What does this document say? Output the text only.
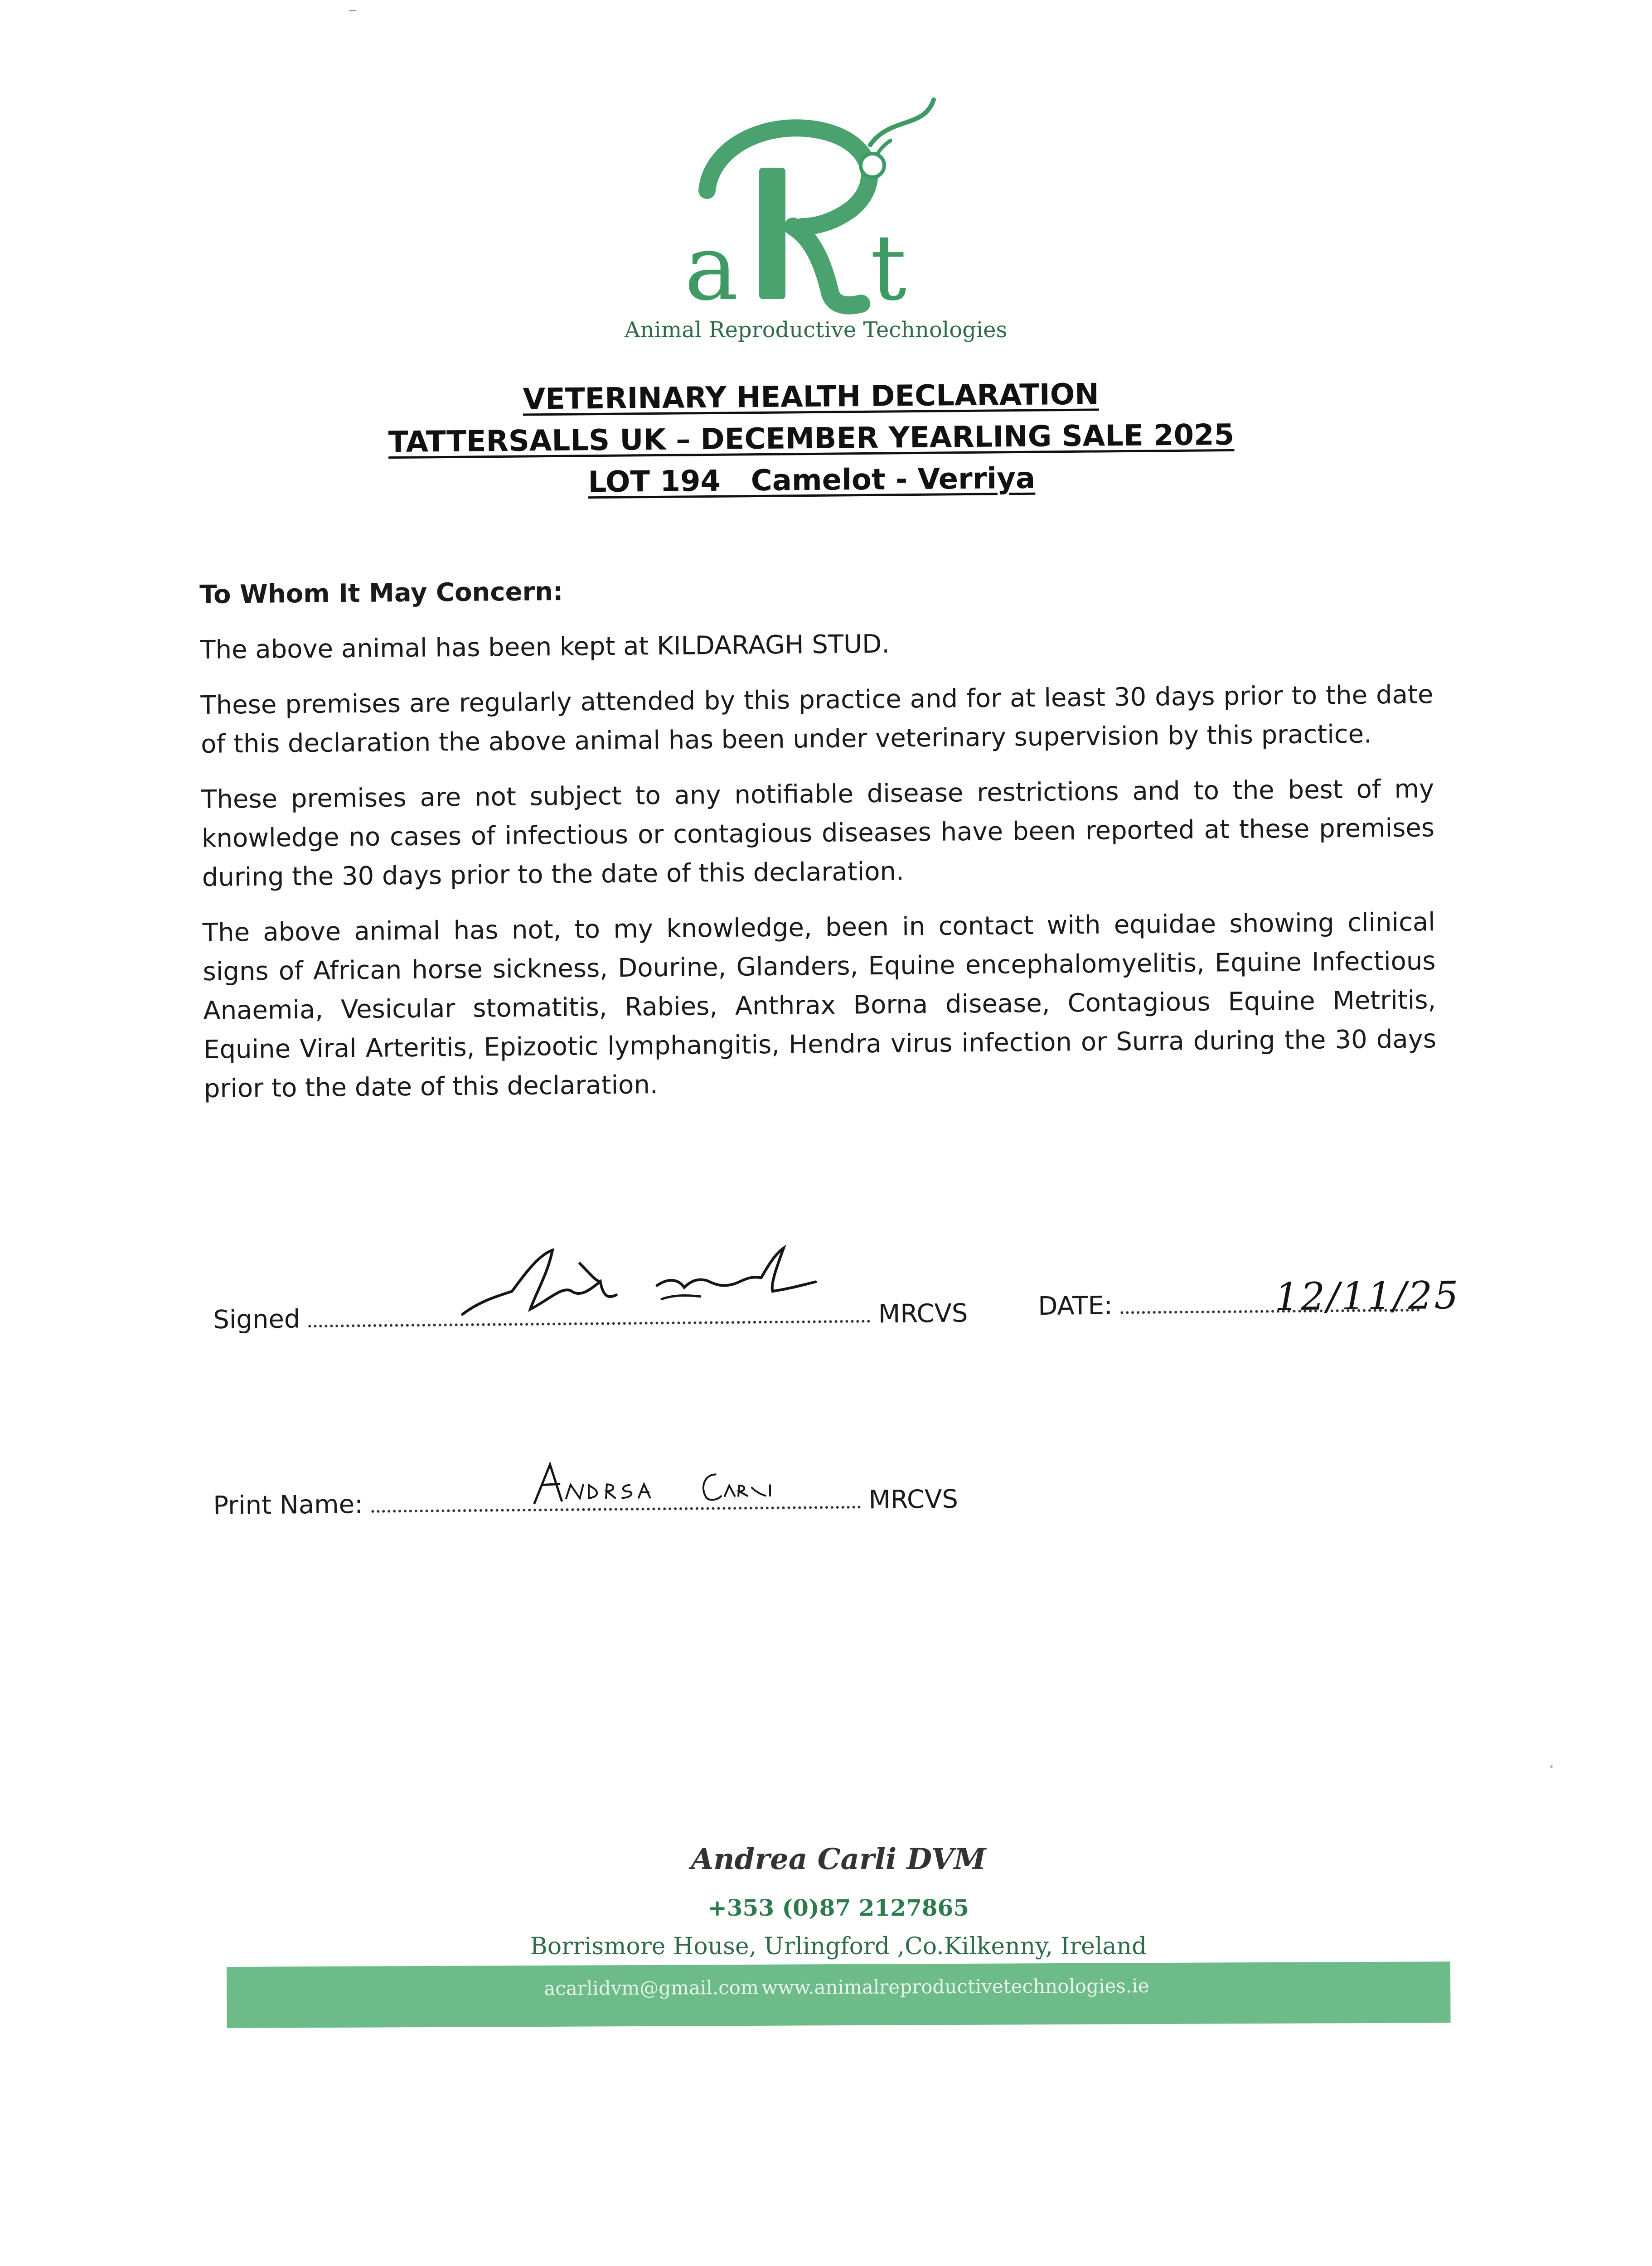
a t
Animal Reproductive Technologies
VETERINARY HEALTH DECLARATION
TATTERSALLS UK – DECEMBER YEARLING SALE 2025
LOT 194 Camelot - Verriya

To Whom It May Concern:

The above animal has been kept at KILDARAGH STUD.

These premises are regularly attended by this practice and for at least 30 days prior to the date of this declaration the above animal has been under veterinary supervision by this practice.

These premises are not subject to any notifiable disease restrictions and to the best of my knowledge no cases of infectious or contagious diseases have been reported at these premises during the 30 days prior to the date of this declaration.

The above animal has not, to my knowledge, been in contact with equidae showing clinical signs of African horse sickness, Dourine, Glanders, Equine encephalomyelitis, Equine Infectious Anaemia, Vesicular stomatitis, Rabies, Anthrax Borna disease, Contagious Equine Metritis, Equine Viral Arteritis, Epizootic lymphangitis, Hendra virus infection or Surra during the 30 days prior to the date of this declaration.

Signed	MRCVS	DATE:	12/11/25
Print Name:	MRCVS
Andrea Carli DVM
+353 (0)87 2127865
Borrismore House, Urlingford ,Co.Kilkenny, Ireland
acarlidvm@gmail.com www.animalreproductivetechnologies.ie
